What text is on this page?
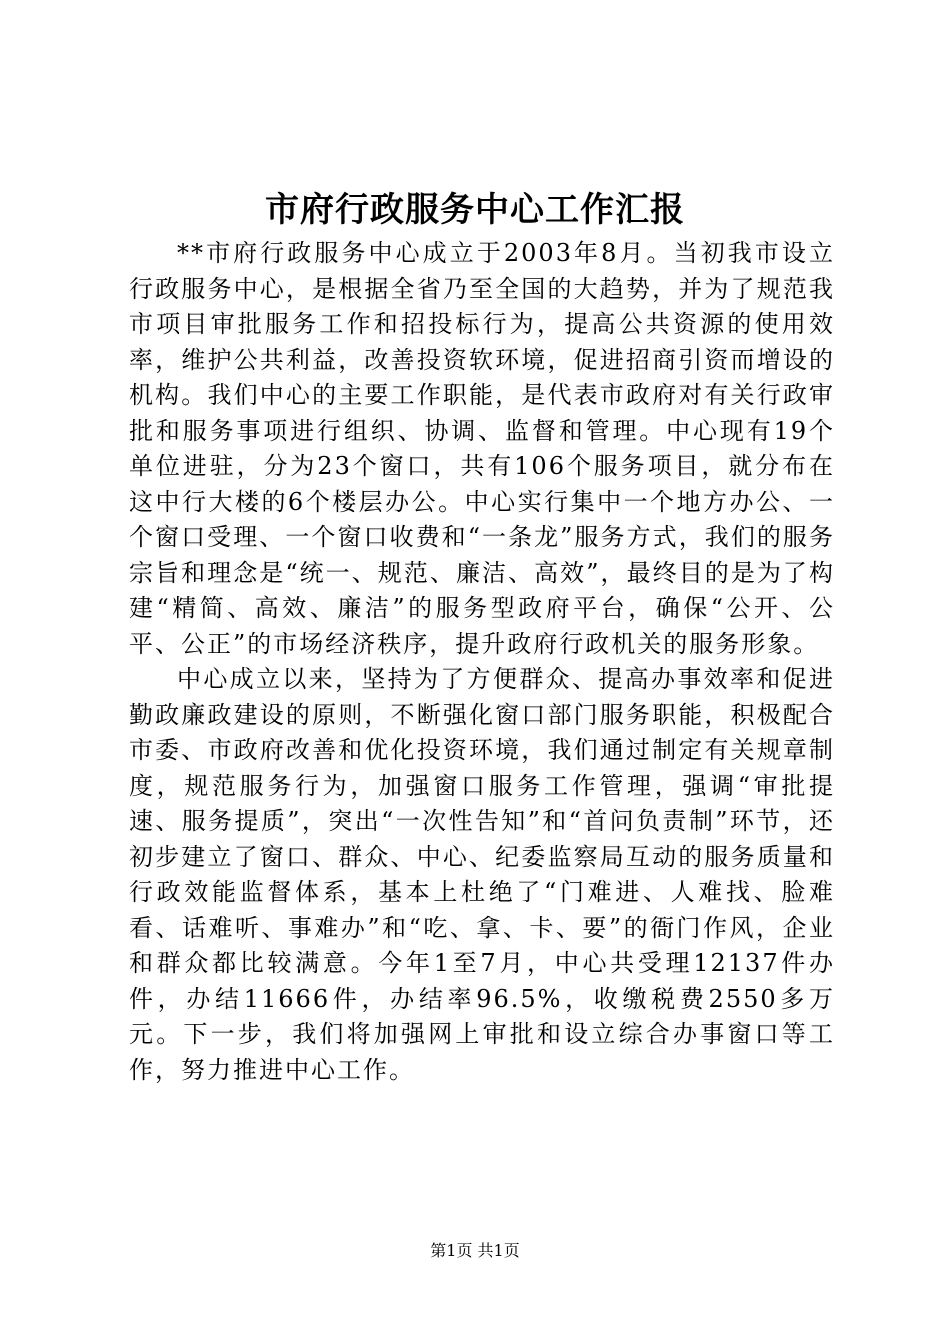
市府行政服务中心工作汇报

**市府行政服务中心成立于2003年8月。当初我市设立行政服务中心，是根据全省乃至全国的大趋势，并为了规范我市项目审批服务工作和招投标行为，提高公共资源的使用效率，维护公共利益，改善投资软环境，促进招商引资而增设的机构。我们中心的主要工作职能，是代表市政府对有关行政审批和服务事项进行组织、协调、监督和管理。中心现有19个单位进驻，分为23个窗口，共有106个服务项目，就分布在这中行大楼的6个楼层办公。中心实行集中一个地方办公、一个窗口受理、一个窗口收费和“一条龙”服务方式，我们的服务宗旨和理念是“统一、规范、廉洁、高效”，最终目的是为了构建“精简、高效、廉洁”的服务型政府平台，确保“公开、公平、公正”的市场经济秩序，提升政府行政机关的服务形象。

中心成立以来，坚持为了方便群众、提高办事效率和促进勤政廉政建设的原则，不断强化窗口部门服务职能，积极配合市委、市政府改善和优化投资环境，我们通过制定有关规章制度，规范服务行为，加强窗口服务工作管理，强调“审批提速、服务提质”，突出“一次性告知”和“首问负责制”环节，还初步建立了窗口、群众、中心、纪委监察局互动的服务质量和行政效能监督体系，基本上杜绝了“门难进、人难找、脸难看、话难听、事难办”和“吃、拿、卡、要”的衙门作风，企业和群众都比较满意。今年1至7月，中心共受理12137件办件，办结11666件，办结率96.5%，收缴税费2550多万元。下一步，我们将加强网上审批和设立综合办事窗口等工作，努力推进中心工作。

第1页 共1页
